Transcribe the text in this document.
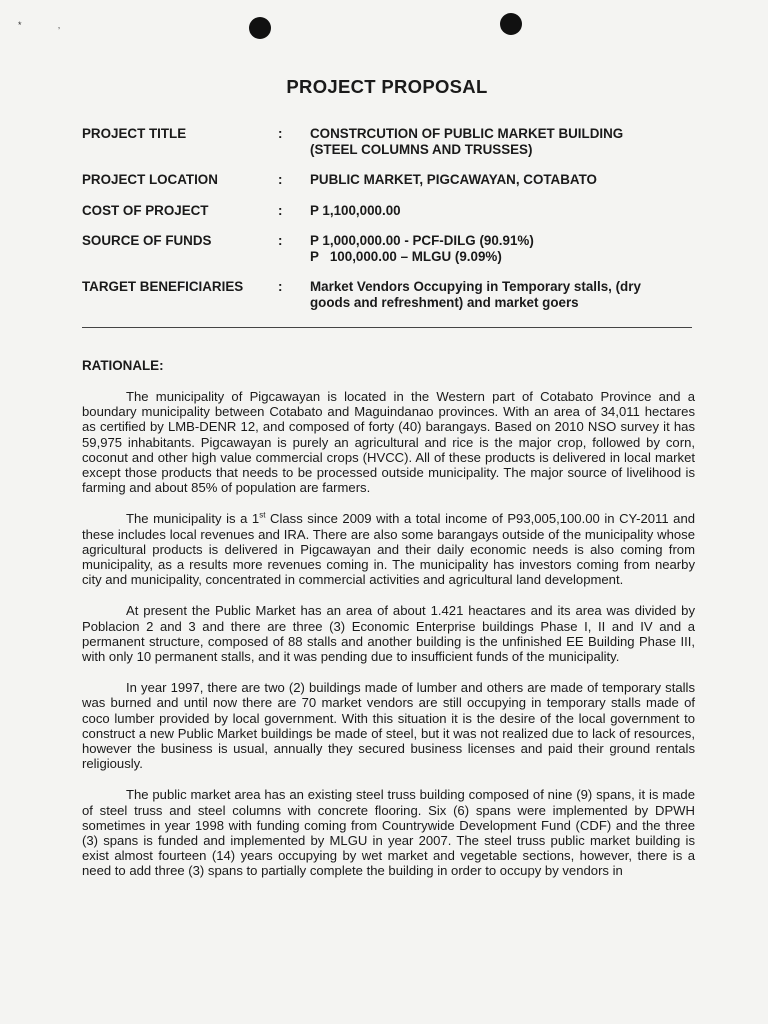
*	‚
PROJECT PROPOSAL
PROJECT TITLE	: CONSTRCUTION OF PUBLIC MARKET BUILDING
(STEEL COLUMNS AND TRUSSES)
PROJECT LOCATION	: PUBLIC MARKET, PIGCAWAYAN, COTABATO
COST OF PROJECT	: P 1,100,000.00
SOURCE OF FUNDS	: P 1,000,000.00 - PCF-DILG (90.91%)
P   100,000.00 – MLGU (9.09%)
TARGET BENEFICIARIES	: Market Vendors Occupying in Temporary stalls, (dry
goods and refreshment) and market goers
RATIONALE:

The municipality of Pigcawayan is located in the Western part of Cotabato Province and a boundary municipality between Cotabato and Maguindanao provinces. With an area of 34,011 hectares as certified by LMB-DENR 12, and composed of forty (40) barangays. Based on 2010 NSO survey it has 59,975 inhabitants. Pigcawayan is purely an agricultural and rice is the major crop, followed by corn, coconut and other high value commercial crops (HVCC). All of these products is delivered in local market except those products that needs to be processed outside municipality. The major source of livelihood is farming and about 85% of population are farmers.

The municipality is a 1st Class since 2009 with a total income of P93,005,100.00 in CY-2011 and these includes local revenues and IRA. There are also some barangays outside of the municipality whose agricultural products is delivered in Pigcawayan and their daily economic needs is also coming from municipality, as a results more revenues coming in. The municipality has investors coming from nearby city and municipality, concentrated in commercial activities and agricultural land development.

At present the Public Market has an area of about 1.421 heactares and its area was divided by Poblacion 2 and 3 and there are three (3) Economic Enterprise buildings Phase I, II and IV and a permanent structure, composed of 88 stalls and another building is the unfinished EE Building Phase III, with only 10 permanent stalls, and it was pending due to insufficient funds of the municipality.

In year 1997, there are two (2) buildings made of lumber and others are made of temporary stalls was burned and until now there are 70 market vendors are still occupying in temporary stalls made of coco lumber provided by local government. With this situation it is the desire of the local government to construct a new Public Market buildings be made of steel, but it was not realized due to lack of resources, however the business is usual, annually they secured business licenses and paid their ground rentals religiously.

The public market area has an existing steel truss building composed of nine (9) spans, it is made of steel truss and steel columns with concrete flooring. Six (6) spans were implemented by DPWH sometimes in year 1998 with funding coming from Countrywide Development Fund (CDF) and the three (3) spans is funded and implemented by MLGU in year 2007. The steel truss public market building is exist almost fourteen (14) years occupying by wet market and vegetable sections, however, there is a need to add three (3) spans to partially complete the building in order to occupy by vendors in
